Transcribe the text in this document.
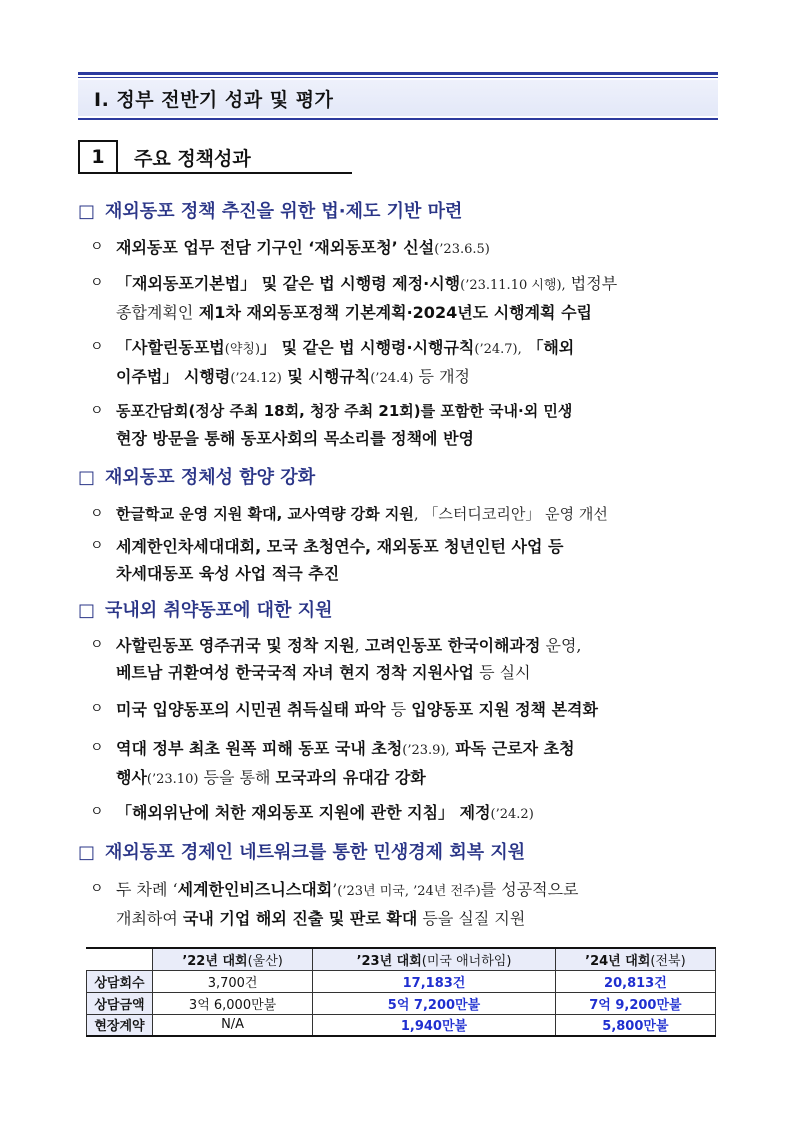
Ⅰ. 정부 전반기 성과 및 평가
1	주요 정책성과
□ 재외동포 정책 추진을 위한 법·제도 기반 마련
ㅇ 재외동포 업무 전담 기구인 ‘재외동포청’ 신설(’23.6.5)
ㅇ 「재외동포기본법」 및 같은 법 시행령 제정·시행(’23.11.10 시행), 법정부
종합계획인 제1차 재외동포정책 기본계획·2024년도 시행계획 수립
ㅇ 「사할린동포법(약칭)」 및 같은 법 시행령·시행규칙(’24.7), 「해외
이주법」 시행령(’24.12) 및 시행규칙(’24.4) 등 개정
ㅇ 동포간담회(정상 주최 18회, 청장 주최 21회)를 포함한 국내·외 민생
현장 방문을 통해 동포사회의 목소리를 정책에 반영
□ 재외동포 정체성 함양 강화
ㅇ 한글학교 운영 지원 확대, 교사역량 강화 지원, 「스터디코리안」 운영 개선
ㅇ 세계한인차세대대회, 모국 초청연수, 재외동포 청년인턴 사업 등
차세대동포 육성 사업 적극 추진
□ 국내외 취약동포에 대한 지원
ㅇ 사할린동포 영주귀국 및 정착 지원, 고려인동포 한국이해과정 운영,
베트남 귀환여성 한국국적 자녀 현지 정착 지원사업 등 실시
ㅇ 미국 입양동포의 시민권 취득실태 파악 등 입양동포 지원 정책 본격화
ㅇ 역대 정부 최초 원폭 피해 동포 국내 초청(’23.9), 파독 근로자 초청
행사(’23.10) 등을 통해 모국과의 유대감 강화
ㅇ 「해외위난에 처한 재외동포 지원에 관한 지침」 제정(’24.2)
□ 재외동포 경제인 네트워크를 통한 민생경제 회복 지원
ㅇ 두 차례 ‘세계한인비즈니스대회’(’23년 미국, ’24년 전주)를 성공적으로
개최하여 국내 기업 해외 진출 및 판로 확대 등을 실질 지원
	’22년 대회(울산)	’23년 대회(미국 애너하임)	’24년 대회(전북)
상담회수	3,700건	17,183건	20,813건
상담금액	3억 6,000만불	5억 7,200만불	7억 9,200만불
현장계약	N/A	1,940만불	5,800만불
